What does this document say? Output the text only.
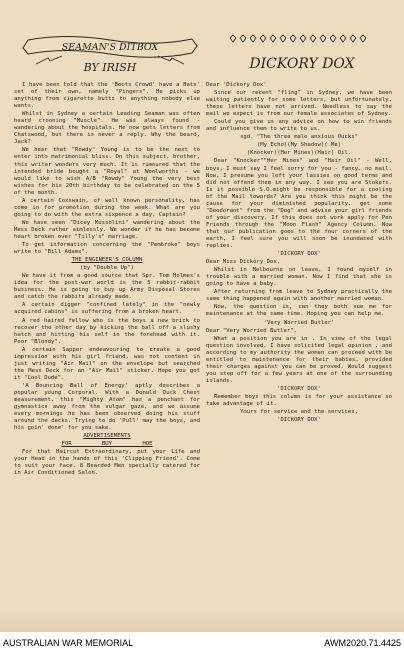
SEAMAN'S DITBOX
BY IRISH	DICKORY DOX

I have been told that the 'Boots Crowd' have a Bats' set of their own, namely "Pingers". He picks up anything from cigarette butts to anything nobody else wants.

Whilst in Sydney a certain Leading Seaman was often heard crooning "Muscle". He was always found - wandering about the hospitals. He now gets letters from Chatswood, but there is never a reply. Why the beard, Jack?

We hear that "Rowdy" Young is to be the next to enter into matrimonial bliss. On this subject, brother, this writer wonders very much. It is rumoured that the intended bride bought a "Royal" at Woolworths - we would like to wish A/B "Rowdy" Young the very best wishes for his 20th birthday to be celebrated on the 5 of the month.

A certain Coxswain, of well known personality, has come in for promotion during the week. What are you going to do with the extra sixpence a day, Captain?

We have seen "Dicey Mussolini" wandering about the Mess Deck rather aimlessly. We wonder if he has become heart broken over "Tilly's" marriage.

To get information concerning the "Pembroke" boys write to "Bill Adams".

THE ENGINEER'S COLUMN

(by "Double Up")

We have it from a good source that Spr. Tom Holmes's idea for the post-war world is the 5 rabbit-rabbit business. He is going to buy up Army Disposal Stores and catch the rabbits already made.

A certain digger "confined lately" in the "newly acquired cabins" is suffering from a broken heart.

A red haired fellow who is the boys a new brick to recover the other day by kicking the ball off a slushy hatch and hitting his self in the forehead with it. Poor "Blondy".

A certain Sapper endeavouring to create a good impression with his girl friend, was not content in just writing "Air Mail" on the envelope but searched the Mess Deck for an "Air Mail" sticker. Hope you got it "Cool Dude".

'A Bouncing Ball of Energy' aptly describes a popular young Corporal. With a Donald Duck Chest measurement, this "Mighty Atom" has a penchant for gymnastics away from the vulgar gaze, and we assume every mornings he has been observed doing his stuff around the decks. Trying to do 'Pull' may the boys, and his goin' done' for you sake.

ADVERTISEMENTS

FOR         BUY         HOE

For that Haircut Extraordinary, put your Life and your Head in the hands of this 'Clipping Friend'. Come to suit your face. 8 Bearded Men specially catered for in Air Conditioned Salon.

Dear 'Dickory Dox'

Since our recent "fling" in Sydney, we have been waiting patiently for some letters, but unfortunately, these letters have not arrived. Needless to say the mail we expect is from our female associates of Sydney.

Could you give us any advice on how to win friends and influence them to write to us.

sgd. "The three male anxious Oucks"

(My Echo)(My Shadow)( Me)

(Knocker)(Her Mines)(Hair) Oil.

Dear "Knocker""Her Mines" and "Hair Oil" - Well, boys, I must say I feel sorry for you - fancy, no mail. Now, I presume you left your lassies on good terms and did not offend them in any way. I see you are Stokers. Is it possible S.O.might be responsible for a cooling of the Mail towards? Are you think this might be the cause for your diminished popularity, get some "Deodorant" from the "Dog" and advise your girl friends of your discovery. If this does not work apply for Pen Friends through the "Moon Flash" Agency Column. Now that our publication goes to the four corners of the earth, I feel sure you will soon be inundated with replies.

'DICKORY DOX'

Dear Miss Dickory Dox,

Whilst in Melbourne on leave, I found myself in trouble with a married woman. Now I find that she is going to have a baby.

After returning from leave to Sydney practically the same thing happened again with another married woman.

Now, the question is, can they both sue me for maintenance at the same time. Hoping you can help me.

'Very Worried Butler'

Dear "Very Worried Butler",

What a position you are in . In view of the legal question involved, I have solicited legal opinion , and according to my authority the women can proceed with be entitled to maintenance for their babies, provided their charges against you can be proved. Would suggest you step off for a few years at one of the surrounding islands.

'DICKORY DOX'

Remember boys this column is for your assistance so take advantage of it.

Yours for service and the services,

'DICKORY DOX'

AUSTRALIAN WAR MEMORIAL	AWM2020.71.4425
